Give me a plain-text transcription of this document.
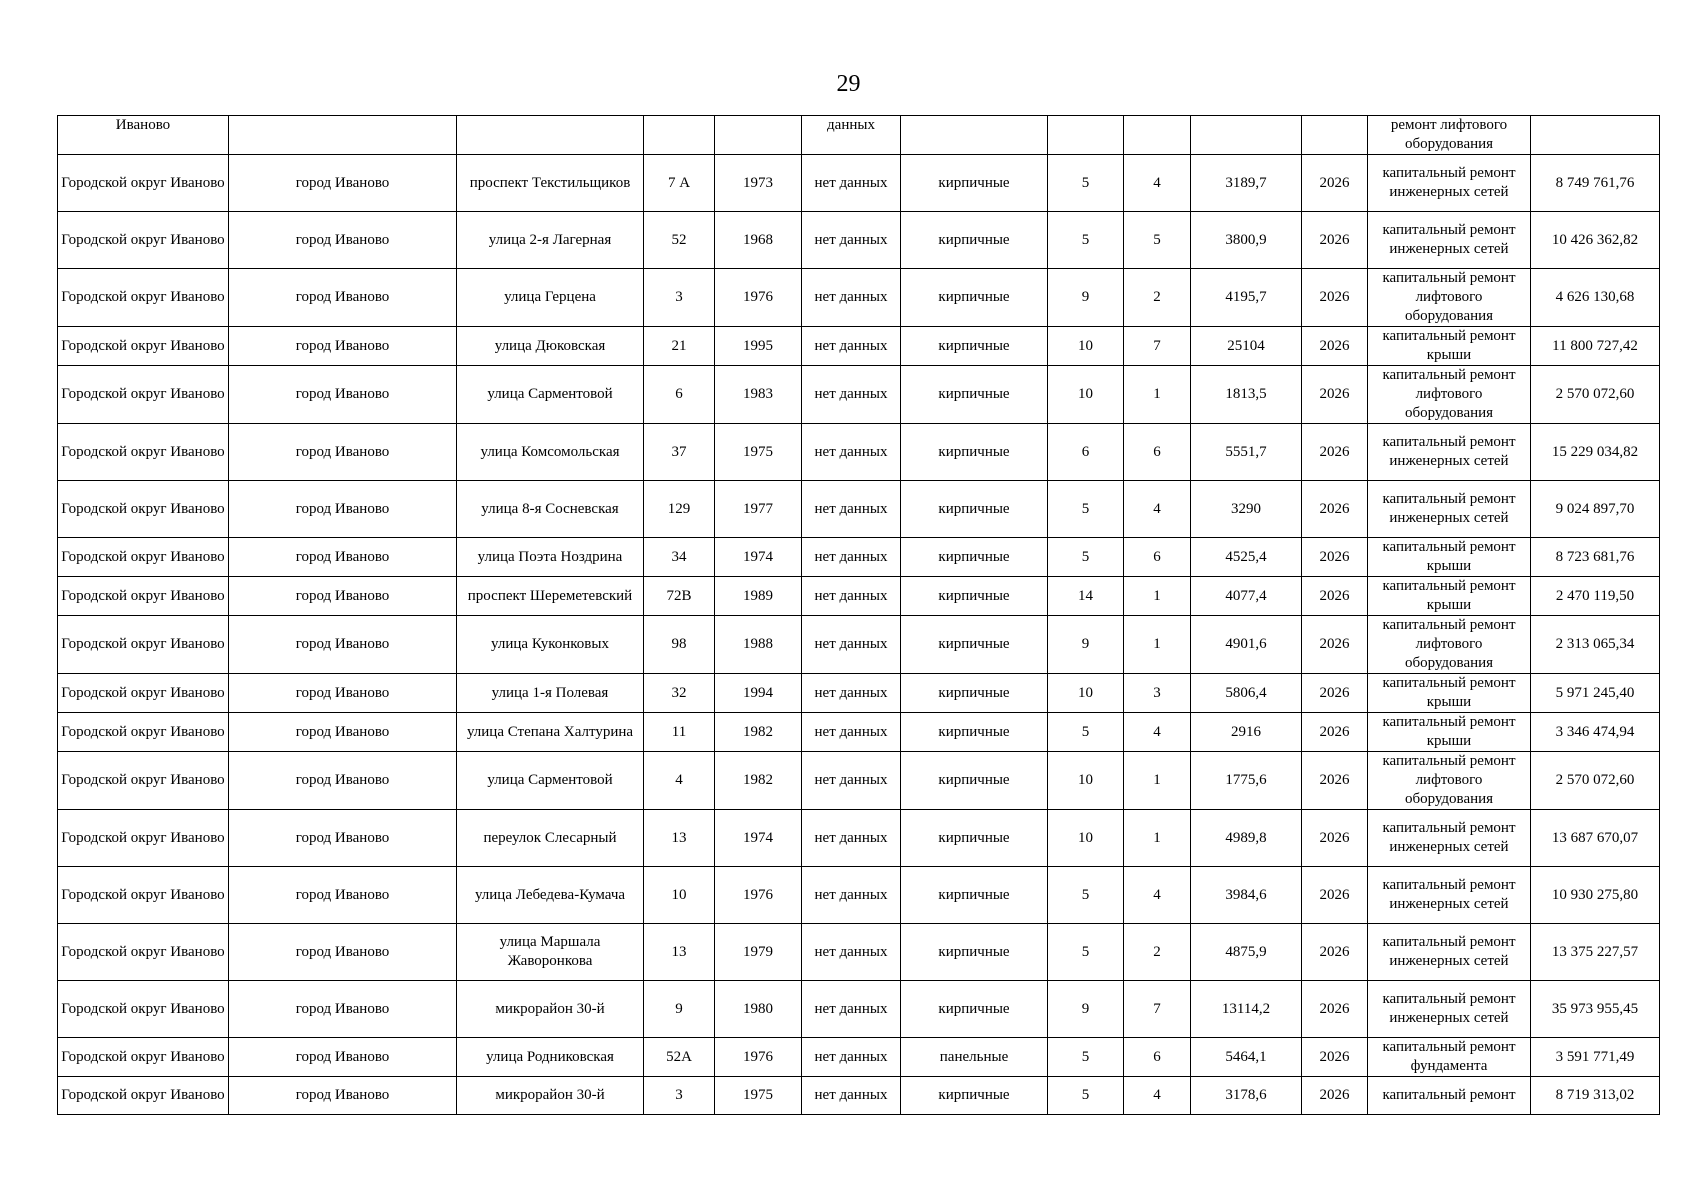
29
Иваново					данных						ремонт лифтового оборудования	
Городской округ Иваново	город Иваново	проспект Текстильщиков	7 А	1973	нет данных	кирпичные	5	4	3189,7	2026	капитальный ремонт инженерных сетей	8 749 761,76
Городской округ Иваново	город Иваново	улица 2-я Лагерная	52	1968	нет данных	кирпичные	5	5	3800,9	2026	капитальный ремонт инженерных сетей	10 426 362,82
Городской округ Иваново	город Иваново	улица Герцена	3	1976	нет данных	кирпичные	9	2	4195,7	2026	капитальный ремонт лифтового оборудования	4 626 130,68
Городской округ Иваново	город Иваново	улица Дюковская	21	1995	нет данных	кирпичные	10	7	25104	2026	капитальный ремонт крыши	11 800 727,42
Городской округ Иваново	город Иваново	улица Сарментовой	6	1983	нет данных	кирпичные	10	1	1813,5	2026	капитальный ремонт лифтового оборудования	2 570 072,60
Городской округ Иваново	город Иваново	улица Комсомольская	37	1975	нет данных	кирпичные	6	6	5551,7	2026	капитальный ремонт инженерных сетей	15 229 034,82
Городской округ Иваново	город Иваново	улица 8-я Сосневская	129	1977	нет данных	кирпичные	5	4	3290	2026	капитальный ремонт инженерных сетей	9 024 897,70
Городской округ Иваново	город Иваново	улица Поэта Ноздрина	34	1974	нет данных	кирпичные	5	6	4525,4	2026	капитальный ремонт крыши	8 723 681,76
Городской округ Иваново	город Иваново	проспект Шереметевский	72В	1989	нет данных	кирпичные	14	1	4077,4	2026	капитальный ремонт крыши	2 470 119,50
Городской округ Иваново	город Иваново	улица Куконковых	98	1988	нет данных	кирпичные	9	1	4901,6	2026	капитальный ремонт лифтового оборудования	2 313 065,34
Городской округ Иваново	город Иваново	улица 1-я Полевая	32	1994	нет данных	кирпичные	10	3	5806,4	2026	капитальный ремонт крыши	5 971 245,40
Городской округ Иваново	город Иваново	улица Степана Халтурина	11	1982	нет данных	кирпичные	5	4	2916	2026	капитальный ремонт крыши	3 346 474,94
Городской округ Иваново	город Иваново	улица Сарментовой	4	1982	нет данных	кирпичные	10	1	1775,6	2026	капитальный ремонт лифтового оборудования	2 570 072,60
Городской округ Иваново	город Иваново	переулок Слесарный	13	1974	нет данных	кирпичные	10	1	4989,8	2026	капитальный ремонт инженерных сетей	13 687 670,07
Городской округ Иваново	город Иваново	улица Лебедева-Кумача	10	1976	нет данных	кирпичные	5	4	3984,6	2026	капитальный ремонт инженерных сетей	10 930 275,80
Городской округ Иваново	город Иваново	улица Маршала Жаворонкова	13	1979	нет данных	кирпичные	5	2	4875,9	2026	капитальный ремонт инженерных сетей	13 375 227,57
Городской округ Иваново	город Иваново	микрорайон 30-й	9	1980	нет данных	кирпичные	9	7	13114,2	2026	капитальный ремонт инженерных сетей	35 973 955,45
Городской округ Иваново	город Иваново	улица Родниковская	52А	1976	нет данных	панельные	5	6	5464,1	2026	капитальный ремонт фундамента	3 591 771,49
Городской округ Иваново	город Иваново	микрорайон 30-й	3	1975	нет данных	кирпичные	5	4	3178,6	2026	капитальный ремонт	8 719 313,02
